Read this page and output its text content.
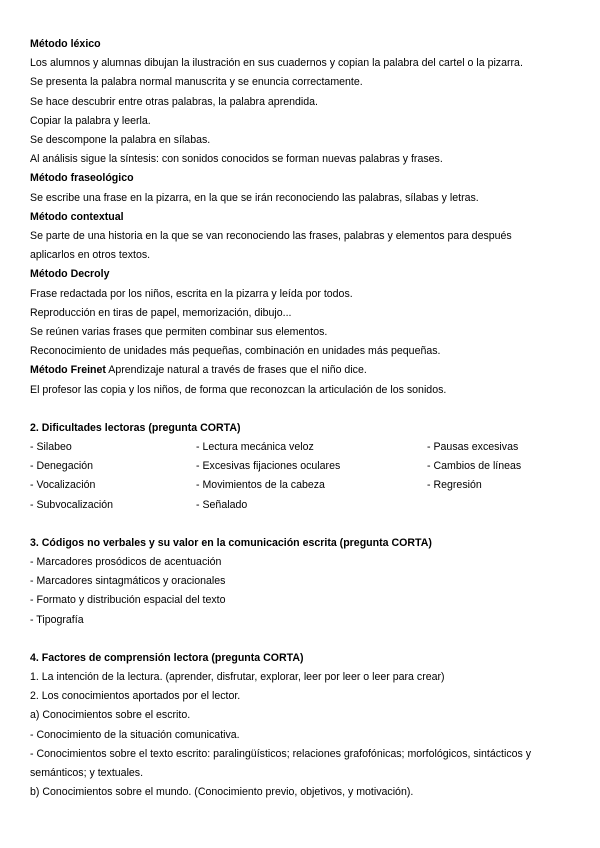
Método léxico
Los alumnos y alumnas dibujan la ilustración en sus cuadernos y copian la palabra del cartel o la pizarra.
Se presenta la palabra normal manuscrita y se enuncia correctamente.
Se hace descubrir entre otras palabras, la palabra aprendida.
Copiar la palabra y leerla.
Se descompone la palabra en sílabas.
Al análisis sigue la síntesis: con sonidos conocidos se forman nuevas palabras y frases.
Método fraseológico
Se escribe una frase en la pizarra, en la que se irán reconociendo las palabras, sílabas y letras.
Método contextual
Se parte de una historia en la que se van reconociendo las frases, palabras y elementos para después
aplicarlos en otros textos.
Método Decroly
Frase redactada por los niños, escrita en la pizarra y leída por todos.
Reproducción en tiras de papel, memorización, dibujo...
Se reúnen varias frases que permiten combinar sus elementos.
Reconocimiento de unidades más pequeñas, combinación en unidades más pequeñas.
Método Freinet Aprendizaje natural a través de frases que el niño dice.
El profesor las copia y los niños, de forma que reconozcan la articulación de los sonidos.
2. Dificultades lectoras (pregunta CORTA)
- Silabeo	- Lectura mecánica veloz	- Pausas excesivas
- Denegación	- Excesivas fijaciones oculares	- Cambios de líneas
- Vocalización	- Movimientos de la cabeza	- Regresión
- Subvocalización	- Señalado
3. Códigos no verbales y su valor en la comunicación escrita (pregunta CORTA)
- Marcadores prosódicos de acentuación
- Marcadores sintagmáticos y oracionales
- Formato y distribución espacial del texto
- Tipografía
4. Factores de comprensión lectora (pregunta CORTA)
1. La intención de la lectura. (aprender, disfrutar, explorar, leer por leer o leer para crear)
2. Los conocimientos aportados por el lector.
a) Conocimientos sobre el escrito.
- Conocimiento de la situación comunicativa.
- Conocimientos sobre el texto escrito: paralingüísticos; relaciones grafofónicas; morfológicos, sintácticos y
semánticos; y textuales.
b) Conocimientos sobre el mundo. (Conocimiento previo, objetivos, y motivación).
